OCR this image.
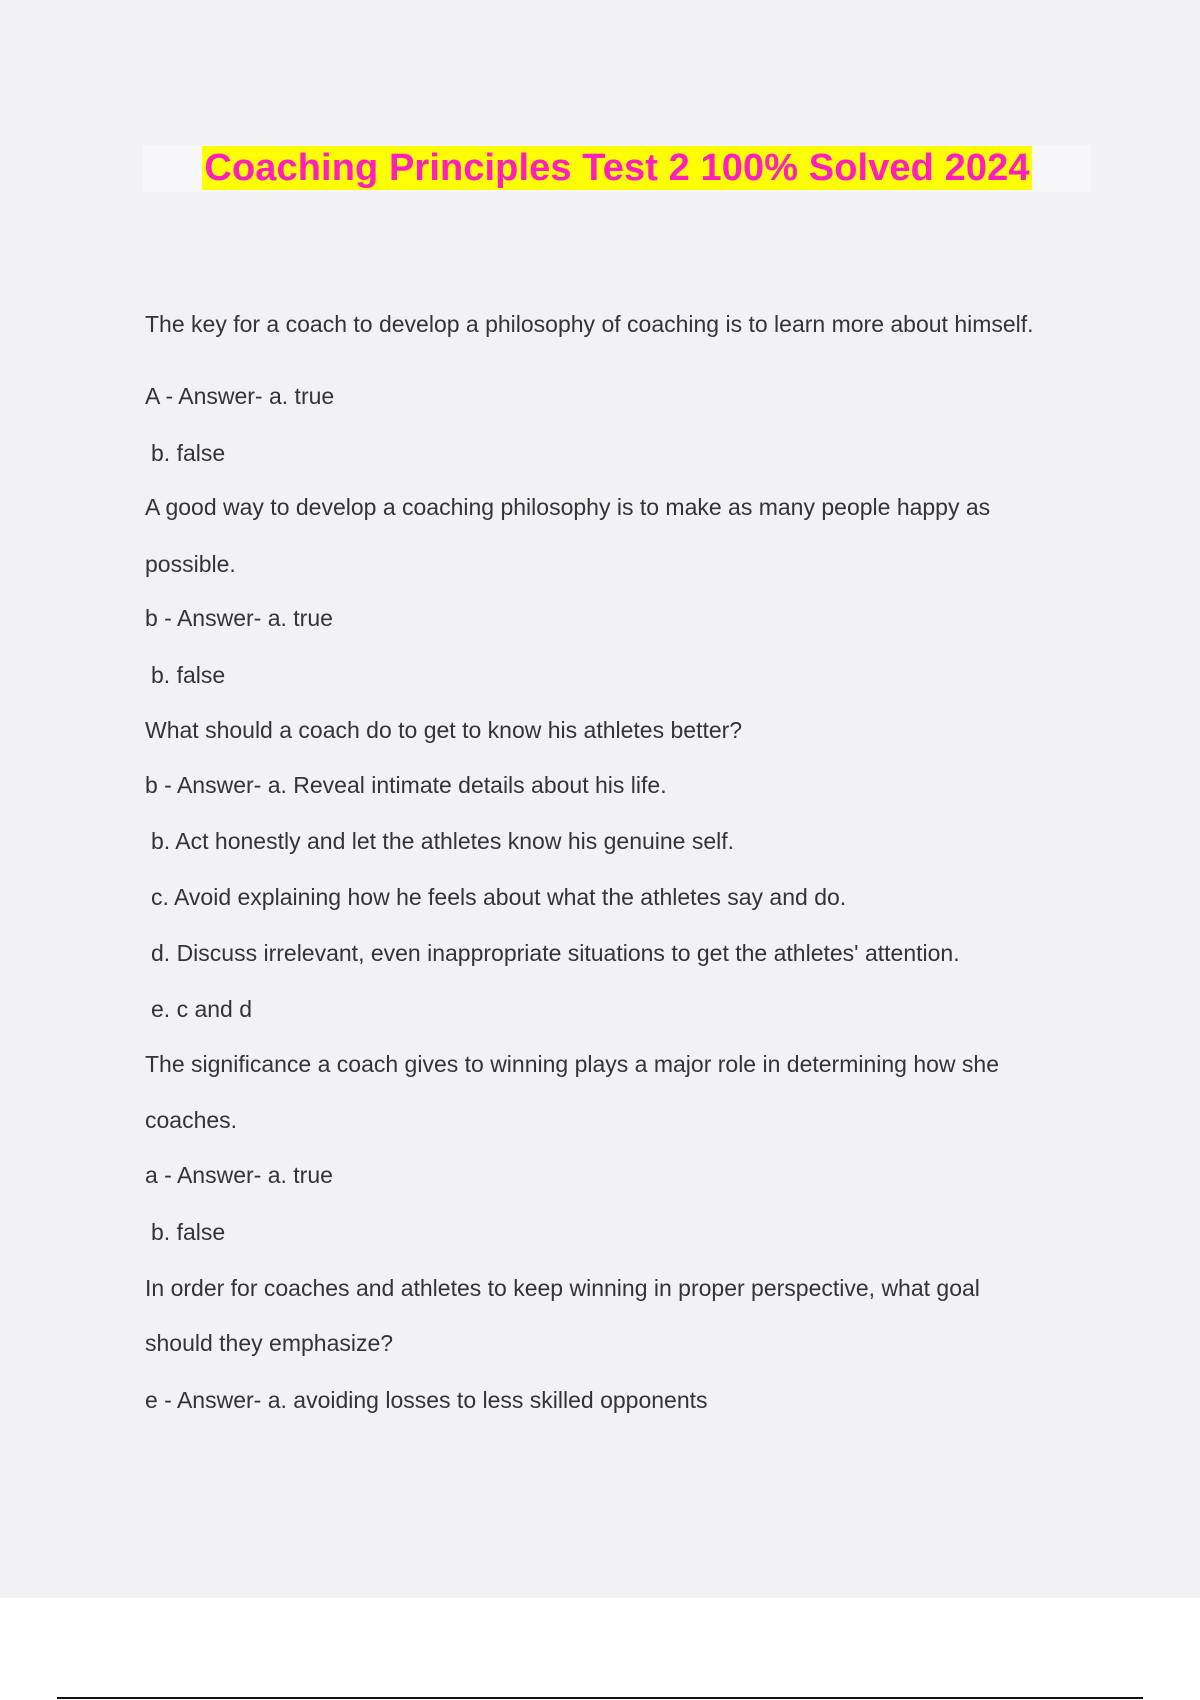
Coaching Principles Test 2 100% Solved 2024
The key for a coach to develop a philosophy of coaching is to learn more about himself.
A - Answer- a. true
b. false
A good way to develop a coaching philosophy is to make as many people happy as
possible.
b - Answer- a. true
b. false
What should a coach do to get to know his athletes better?
b - Answer- a. Reveal intimate details about his life.
b. Act honestly and let the athletes know his genuine self.
c. Avoid explaining how he feels about what the athletes say and do.
d. Discuss irrelevant, even inappropriate situations to get the athletes' attention.
e. c and d
The significance a coach gives to winning plays a major role in determining how she
coaches.
a - Answer- a. true
b. false
In order for coaches and athletes to keep winning in proper perspective, what goal
should they emphasize?
e - Answer- a. avoiding losses to less skilled opponents
